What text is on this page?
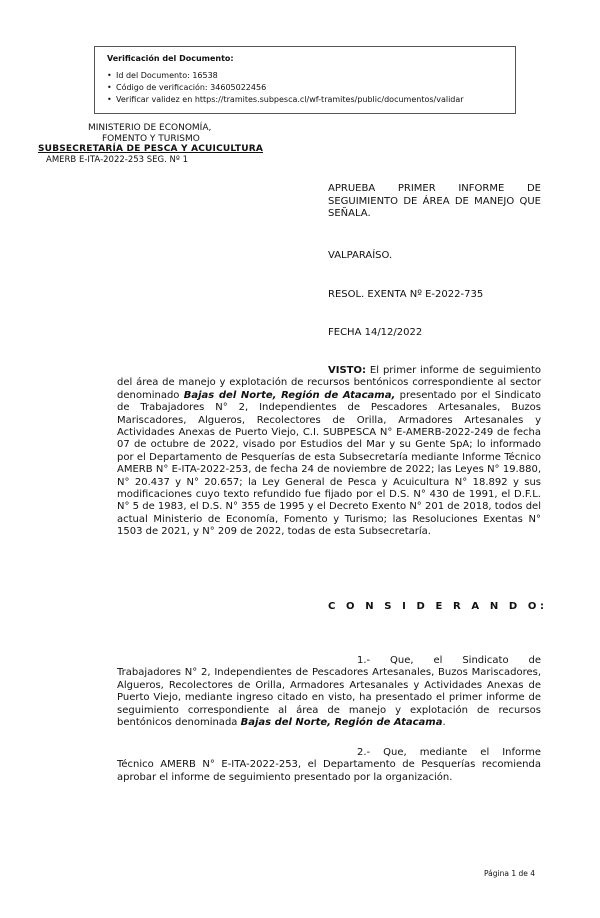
Verificación del Documento:
• Id del Documento: 16538
• Código de verificación: 34605022456
• Verificar validez en https://tramites.subpesca.cl/wf-tramites/public/documentos/validar
MINISTERIO DE ECONOMÍA,
FOMENTO Y TURISMO
SUBSECRETARÍA DE PESCA Y ACUICULTURA
AMERB E-ITA-2022-253 SEG. Nº 1
APRUEBA PRIMER INFORME DE SEGUIMIENTO DE ÁREA DE MANEJO QUE SEÑALA.
VALPARAÍSO.
RESOL. EXENTA Nº E-2022-735
FECHA 14/12/2022
VISTO: El primer informe de seguimiento del área de manejo y explotación de recursos bentónicos correspondiente al sector denominado Bajas del Norte, Región de Atacama, presentado por el Sindicato de Trabajadores N° 2, Independientes de Pescadores Artesanales, Buzos Mariscadores, Algueros, Recolectores de Orilla, Armadores Artesanales y Actividades Anexas de Puerto Viejo, C.I. SUBPESCA N° E-AMERB-2022-249 de fecha 07 de octubre de 2022, visado por Estudios del Mar y su Gente SpA; lo informado por el Departamento de Pesquerías de esta Subsecretaría mediante Informe Técnico AMERB N° E-ITA-2022-253, de fecha 24 de noviembre de 2022; las Leyes N° 19.880, N° 20.437 y N° 20.657; la Ley General de Pesca y Acuicultura N° 18.892 y sus modificaciones cuyo texto refundido fue fijado por el D.S. N° 430 de 1991, el D.F.L. N° 5 de 1983, el D.S. N° 355 de 1995 y el Decreto Exento N° 201 de 2018, todos del actual Ministerio de Economía, Fomento y Turismo; las Resoluciones Exentas N° 1503 de 2021, y N° 209 de 2022, todas de esta Subsecretaría.
C O N S I D E R A N D O:
1.- Que, el Sindicato de Trabajadores N° 2, Independientes de Pescadores Artesanales, Buzos Mariscadores, Algueros, Recolectores de Orilla, Armadores Artesanales y Actividades Anexas de Puerto Viejo, mediante ingreso citado en visto, ha presentado el primer informe de seguimiento correspondiente al área de manejo y explotación de recursos bentónicos denominada Bajas del Norte, Región de Atacama.
2.- Que, mediante el Informe Técnico AMERB N° E-ITA-2022-253, el Departamento de Pesquerías recomienda aprobar el informe de seguimiento presentado por la organización.
Página 1 de 4
